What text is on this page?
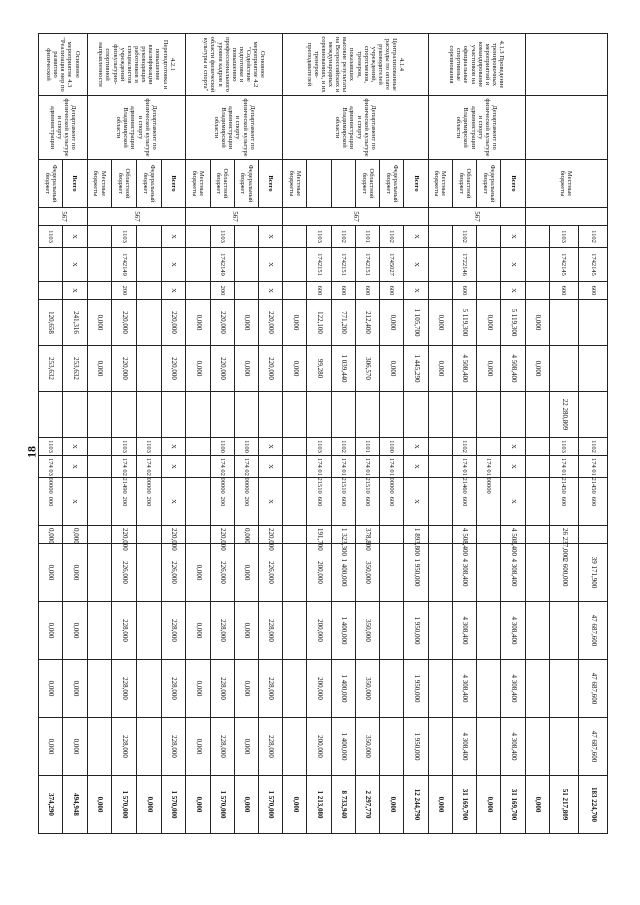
18
		Местные бюджеты		1102	1742145	600				1102	174 01 21450	600		39 171,900	47 687,600	47 687,600	47 687,600	183 224,700
				1103	1742145	600			22 280,809	1103	174 01 21450	600	26 237,000	2 600,000				51 217,809
							0,000	0,000										0,000
4.1.3 Проведение тренировочных мероприятий и командирование участников на официальные спортивные соревнования	Департамент по физической культуре и спорту администрации Владимирской области	Всего	567	Х	Х	Х	5 119,300	4 508,400		Х	Х	Х	4 508,400	4 308,400	4 308,400	4 308,400	4 308,400	31 169,700
		Федеральный бюджет					0,000	0,000			174 01 00000							0,000
		Областной бюджет		1102	1722146	600	5 119,300	4 508,400		1102	174 01 21460	600	4 508,400	4 308,400	4 308,400	4 308,400	4 308,400	31 169,700
		Местные бюджеты					0,000	0,000										0,000
4.1.4 Централизованные расходы по оплате руководителей учреждений, спортсменов, тренеров, показавших высокие результаты на Всероссийских и международных соревнованиях, и их тренеров-преподавателей	Департамент по физической культуре и спорту администрации Владимирской области	Всего	567	Х	Х	Х	1 105,700	1 445,290		Х	Х	Х	1 893,800	1 950,000	1 950,000	1 950,000	1 950,000	12 244,790
		Федеральный бюджет		1102	1745027	600	0,000	0,000		1100	174 01 00000	600						0,000
		Областной бюджет		1101	1742151	600	212,400	306,570		1101	174 01 21510	600	378,800	350,000	350,000	350,000	350,000	2 297,770
				1102	1742151	600	771,200	1 039,440		1102	174 01 21510	600	1 323,300	1 400,000	1 400,000	1 400,000	1 400,000	8 733,940
				1103	1742151	600	122,100	99,280		1103	174 01 21510	600	191,700	200,000	200,000	200,000	200,000	1 213,080
		Местные бюджеты					0,000	0,000										0,000
Основное мероприятие 4.2 "Содействие подготовке и повышению профессионального уровня кадров в области физической культуры и спорта"	Департамент по физической культуре и спорту администрации Владимирской области	Всего	567	Х	Х	Х	220,000	220,000		Х	Х	Х	220,000	226,000	228,000	228,000	228,000	1 570,000
		Федеральный бюджет					0,000	0,000		1100	174 02 00000	200	0,000	0,000	0,000	0,000	0,000	0,000
		Областной бюджет		1103	1742149	200	220,000	220,000		1100	174 02 00000	200	220,000	226,000	228,000	228,000	228,000	1 570,000
		Местные бюджеты					0,000	0,000						0,000	0,000	0,000	0,000	0,000
4.2.1 Переподготовка и повышение квалификации руководящих работников и специалистов учреждений физкультурно-спортивной направленности	Департамент по физической культуре и спорту администрации Владимирской области	Всего	567	Х	Х	Х	220,000	220,000		Х	Х	Х	220,000	226,000	228,000	228,000	228,000	1 570,000
		Федеральный бюджет								1103	174 02 00000	200						0,000
		Областной бюджет		1103	1742149	200	220,000	220,000		1103	174 02 21490	200	220,000	226,000	228,000	228,000	228,000	1 570,000
		Местные бюджеты					0,000	0,000										0,000
Основное мероприятие 4.3 "Реализация мер по развитию физической	Департамент по физической культуре и спорту администрации	Всего	567	Х	Х	Х	241,316	253,632		Х	Х	Х	0,000	0,000	0,000	0,000	0,000	494,948
		Федеральный бюджет		1103			120,658	253,632		1103	174 03 00000	000	0,000	0,000	0,000	0,000	0,000	374,290
